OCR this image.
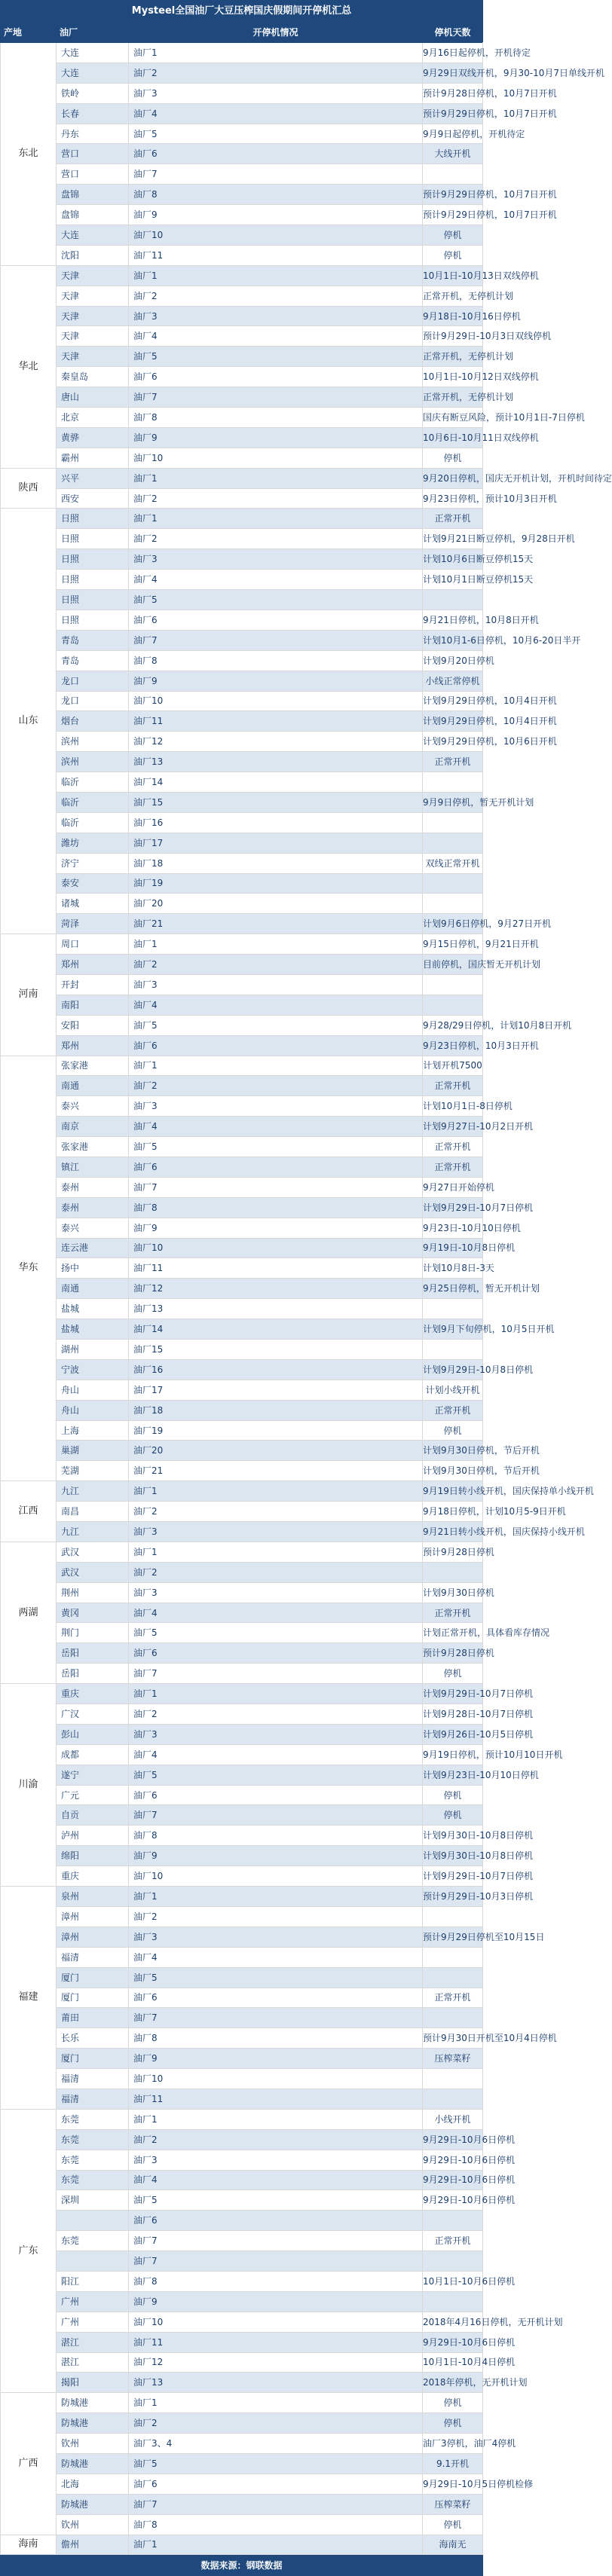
Mysteel全国油厂大豆压榨国庆假期间开停机汇总				
产地	油厂	开停机情况	停机天数	
东北	大连	油厂1	9月16日起停机，开机待定	
	大连	油厂2	9月29日双线开机，9月30-10月7日单线开机	
	铁岭	油厂3	预计9月28日停机，10月7日开机	
	长春	油厂4	预计9月29日停机，10月7日开机	
	丹东	油厂5	9月9日起停机，开机待定	
	营口	油厂6	大线开机	
	营口	油厂7		
	盘锦	油厂8	预计9月29日停机，10月7日开机	
	盘锦	油厂9	预计9月29日停机，10月7日开机	
	大连	油厂10	停机	
	沈阳	油厂11	停机	
华北	天津	油厂1	10月1日-10月13日双线停机	
	天津	油厂2	正常开机，无停机计划	
	天津	油厂3	9月18日-10月16日停机	
	天津	油厂4	预计9月29日-10月3日双线停机	
	天津	油厂5	正常开机，无停机计划	
	秦皇岛	油厂6	10月1日-10月12日双线停机	
	唐山	油厂7	正常开机，无停机计划	
	北京	油厂8	国庆有断豆风险，预计10月1日-7日停机	
	黄骅	油厂9	10月6日-10月11日双线停机	
	霸州	油厂10	停机	
陕西	兴平	油厂1	9月20日停机，国庆无开机计划，开机时间待定	
	西安	油厂2	9月23日停机，预计10月3日开机	
山东	日照	油厂1	正常开机	
	日照	油厂2	计划9月21日断豆停机，9月28日开机	
	日照	油厂3	计划10月6日断豆停机15天	
	日照	油厂4	计划10月1日断豆停机15天	
	日照	油厂5		
	日照	油厂6	9月21日停机，10月8日开机	
	青岛	油厂7	计划10月1-6日停机，10月6-20日半开	
	青岛	油厂8	计划9月20日停机	
	龙口	油厂9	小线正常停机	
	龙口	油厂10	计划9月29日停机，10月4日开机	
	烟台	油厂11	计划9月29日停机，10月4日开机	
	滨州	油厂12	计划9月29日停机，10月6日开机	
	滨州	油厂13	正常开机	
	临沂	油厂14		
	临沂	油厂15	9月9日停机，暂无开机计划	
	临沂	油厂16		
	潍坊	油厂17		
	济宁	油厂18	双线正常开机	
	泰安	油厂19		
	诸城	油厂20		
	菏泽	油厂21	计划9月6日停机，9月27日开机	
河南	周口	油厂1	9月15日停机，9月21日开机	
	郑州	油厂2	目前停机，国庆暂无开机计划	
	开封	油厂3		
	南阳	油厂4		
	安阳	油厂5	9月28/29日停机，计划10月8日开机	
	郑州	油厂6	9月23日停机，10月3日开机	
华东	张家港	油厂1	计划开机7500	
	南通	油厂2	正常开机	
	泰兴	油厂3	计划10月1日-8日停机	
	南京	油厂4	计划9月27日-10月2日开机	
	张家港	油厂5	正常开机	
	镇江	油厂6	正常开机	
	泰州	油厂7	9月27日开始停机	
	泰州	油厂8	计划9月29日-10月7日停机	
	泰兴	油厂9	9月23日-10月10日停机	
	连云港	油厂10	9月19日-10月8日停机	
	扬中	油厂11	计划10月8日-3天	
	南通	油厂12	9月25日停机，暂无开机计划	
	盐城	油厂13		
	盐城	油厂14	计划9月下旬停机，10月5日开机	
	湖州	油厂15		
	宁波	油厂16	计划9月29日-10月8日停机	
	舟山	油厂17	计划小线开机	
	舟山	油厂18	正常开机	
	上海	油厂19	停机	
	巢湖	油厂20	计划9月30日停机，节后开机	
	芜湖	油厂21	计划9月30日停机，节后开机	
江西	九江	油厂1	9月19日转小线开机，国庆保持单小线开机	
	南昌	油厂2	9月18日停机，计划10月5-9日开机	
	九江	油厂3	9月21日转小线开机，国庆保持小线开机	
两湖	武汉	油厂1	预计9月28日停机	
	武汉	油厂2		
	荆州	油厂3	计划9月30日停机	
	黄冈	油厂4	正常开机	
	荆门	油厂5	计划正常开机，具体看库存情况	
	岳阳	油厂6	预计9月28日停机	
	岳阳	油厂7	停机	
川渝	重庆	油厂1	计划9月29日-10月7日停机	
	广汉	油厂2	计划9月28日-10月7日停机	
	彭山	油厂3	计划9月26日-10月5日停机	
	成都	油厂4	9月19日停机，预计10月10日开机	
	遂宁	油厂5	计划9月23日-10月10日停机	
	广元	油厂6	停机	
	自贡	油厂7	停机	
	泸州	油厂8	计划9月30日-10月8日停机	
	绵阳	油厂9	计划9月30日-10月8日停机	
	重庆	油厂10	计划9月29日-10月7日停机	
福建	泉州	油厂1	预计9月29日-10月3日停机	
	漳州	油厂2		
	漳州	油厂3	预计9月29日停机至10月15日	
	福清	油厂4		
	厦门	油厂5		
	厦门	油厂6	正常开机	
	莆田	油厂7		
	长乐	油厂8	预计9月30日开机至10月4日停机	
	厦门	油厂9	压榨菜籽	
	福清	油厂10		
	福清	油厂11		
广东	东莞	油厂1	小线开机	
	东莞	油厂2	9月29日-10月6日停机	
	东莞	油厂3	9月29日-10月6日停机	
	东莞	油厂4	9月29日-10月6日停机	
	深圳	油厂5	9月29日-10月6日停机	
		油厂6		
	东莞	油厂7	正常开机	
		油厂7		
	阳江	油厂8	10月1日-10月6日停机	
	广州	油厂9		
	广州	油厂10	2018年4月16日停机，无开机计划	
	湛江	油厂11	9月29日-10月6日停机	
	湛江	油厂12	10月1日-10月4日停机	
	揭阳	油厂13	2018年停机，无开机计划	
广西	防城港	油厂1	停机	
	防城港	油厂2	停机	
	钦州	油厂3、4	油厂3停机，油厂4停机	
	防城港	油厂5	9.1开机	
	北海	油厂6	9月29日-10月5日停机检修	
	防城港	油厂7	压榨菜籽	
	钦州	油厂8	停机	
海南	儋州	油厂1	海南无	
数据来源：钢联数据				
